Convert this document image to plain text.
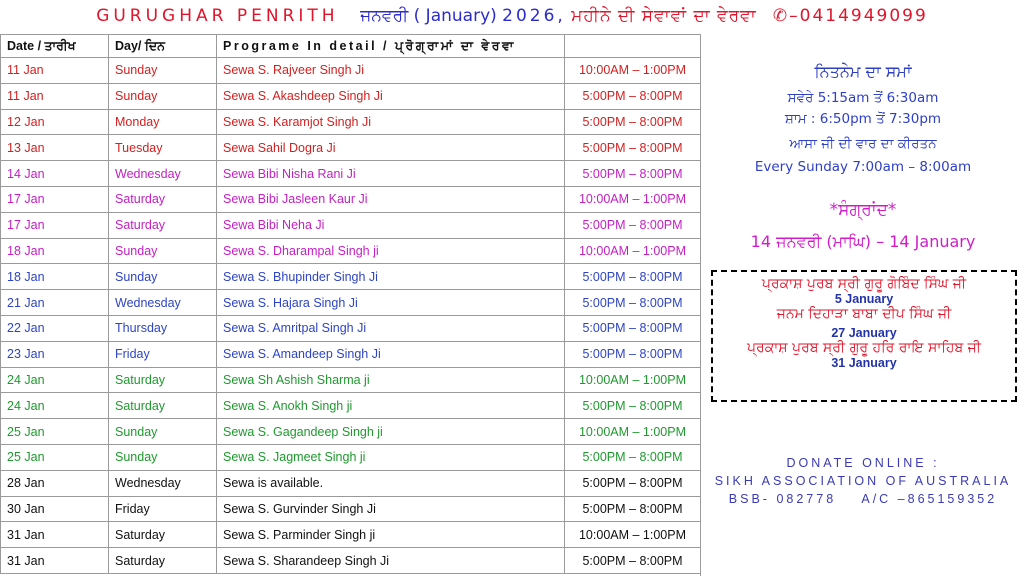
GURUGHAR PENRITH ਜਨਵਰੀ ( January) 2026, ਮਹੀਨੇ ਦੀ ਸੇਵਾਵਾਂ ਦਾ ਵੇਰਵਾ ✆–0414949099
Date / ਤਾਰੀਖ	Day/ ਦਿਨ	Programe In detail / ਪ੍ਰੋਗ੍ਰਾਮਾਂ ਦਾ ਵੇਰਵਾ	
11 Jan	Sunday	Sewa S. Rajveer Singh Ji	10:00AM – 1:00PM
11 Jan	Sunday	Sewa S. Akashdeep Singh Ji	5:00PM – 8:00PM
12 Jan	Monday	Sewa S. Karamjot Singh Ji	5:00PM – 8:00PM
13 Jan	Tuesday	Sewa Sahil Dogra Ji	5:00PM – 8:00PM
14 Jan	Wednesday	Sewa Bibi Nisha Rani Ji	5:00PM – 8:00PM
17 Jan	Saturday	Sewa Bibi Jasleen Kaur Ji	10:00AM – 1:00PM
17 Jan	Saturday	Sewa Bibi Neha Ji	5:00PM – 8:00PM
18 Jan	Sunday	Sewa S. Dharampal Singh ji	10:00AM – 1:00PM
18 Jan	Sunday	Sewa S. Bhupinder Singh Ji	5:00PM – 8:00PM
21 Jan	Wednesday	Sewa S. Hajara Singh Ji	5:00PM – 8:00PM
22 Jan	Thursday	Sewa S. Amritpal Singh Ji	5:00PM – 8:00PM
23 Jan	Friday	Sewa S. Amandeep Singh Ji	5:00PM – 8:00PM
24 Jan	Saturday	Sewa Sh Ashish Sharma ji	10:00AM – 1:00PM
24 Jan	Saturday	Sewa S. Anokh Singh ji	5:00PM – 8:00PM
25 Jan	Sunday	Sewa S. Gagandeep Singh ji	10:00AM – 1:00PM
25 Jan	Sunday	Sewa S. Jagmeet Singh ji	5:00PM – 8:00PM
28 Jan	Wednesday	Sewa is available.	5:00PM – 8:00PM
30 Jan	Friday	Sewa S. Gurvinder Singh Ji	5:00PM – 8:00PM
31 Jan	Saturday	Sewa S. Parminder Singh ji	10:00AM – 1:00PM
31 Jan	Saturday	Sewa S. Sharandeep Singh Ji	5:00PM – 8:00PM
ਨਿਤਨੇਮ ਦਾ ਸਮਾਂ
ਸਵੇਰੇ 5:15am ਤੋਂ 6:30am
ਸ਼ਾਮ : 6:50pm ਤੋਂ 7:30pm
ਆਸਾ ਜੀ ਦੀ ਵਾਰ ਦਾ ਕੀਰਤਨ
Every Sunday 7:00am – 8:00am
*ਸੰਗ੍ਰਾਂਦ*
14 ਜਨਵਰੀ (ਮਾਘਿ) – 14 January
ਪ੍ਰਕਾਸ਼ ਪੁਰਬ ਸ੍ਰੀ ਗੁਰੂ ਗੋਬਿੰਦ ਸਿੰਘ ਜੀ
5 January
ਜਨਮ ਦਿਹਾੜਾ ਬਾਬਾ ਦੀਪ ਸਿੰਘ ਜੀ
27 January
ਪ੍ਰਕਾਸ਼ ਪੁਰਬ ਸ੍ਰੀ ਗੁਰੂ ਹਰਿ ਰਾਇ ਸਾਹਿਬ ਜੀ
31 January
DONATE ONLINE :
SIKH ASSOCIATION OF AUSTRALIA
BSB- 082778    A/C –865159352
